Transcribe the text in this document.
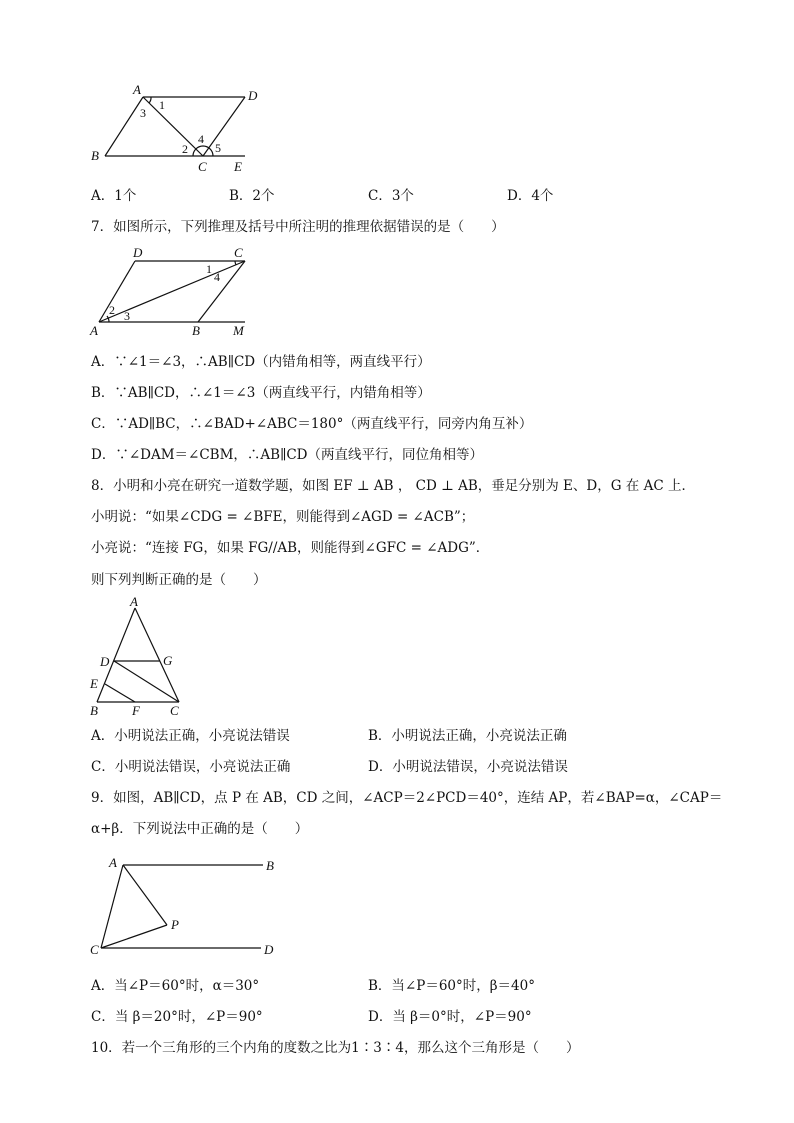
A	D
B
C E
1
3
2
4
5
A．1个	B．2个	C．3个	D．4个
7．如图所示，下列推理及括号中所注明的推理依据错误的是（　　）
D	C
A	B	M
1
4
2 3
A．∵∠1＝∠3，∴AB∥CD（内错角相等，两直线平行）
B．∵AB∥CD，∴∠1＝∠3（两直线平行，内错角相等）
C．∵AD∥BC，∴∠BAD+∠ABC＝180°（两直线平行，同旁内角互补）
D．∵∠DAM＝∠CBM，∴AB∥CD（两直线平行，同位角相等）
8．小明和小亮在研究一道数学题，如图 EF ⊥ AB ， CD ⊥ AB，垂足分别为 E、D，G 在 AC 上．
小明说：“如果∠CDG = ∠BFE，则能得到∠AGD = ∠ACB”；
小亮说：“连接 FG，如果 FG//AB，则能得到∠GFC = ∠ADG”．
则下列判断正确的是（　　）
A
D	G
E
B	F C
A．小明说法正确，小亮说法错误	B．小明说法正确，小亮说法正确
C．小明说法错误，小亮说法正确	D．小明说法错误，小亮说法错误
9．如图，AB∥CD，点 P 在 AB，CD 之间，∠ACP＝2∠PCD＝40°，连结 AP，若∠BAP=α，∠CAP＝
α+β．下列说法中正确的是（　　）
A	B
P
C	D
A．当∠P＝60°时，α＝30°	B．当∠P＝60°时，β＝40°
C．当 β＝20°时，∠P＝90°	D．当 β＝0°时，∠P＝90°
10．若一个三角形的三个内角的度数之比为1∶3∶4，那么这个三角形是（　　）
